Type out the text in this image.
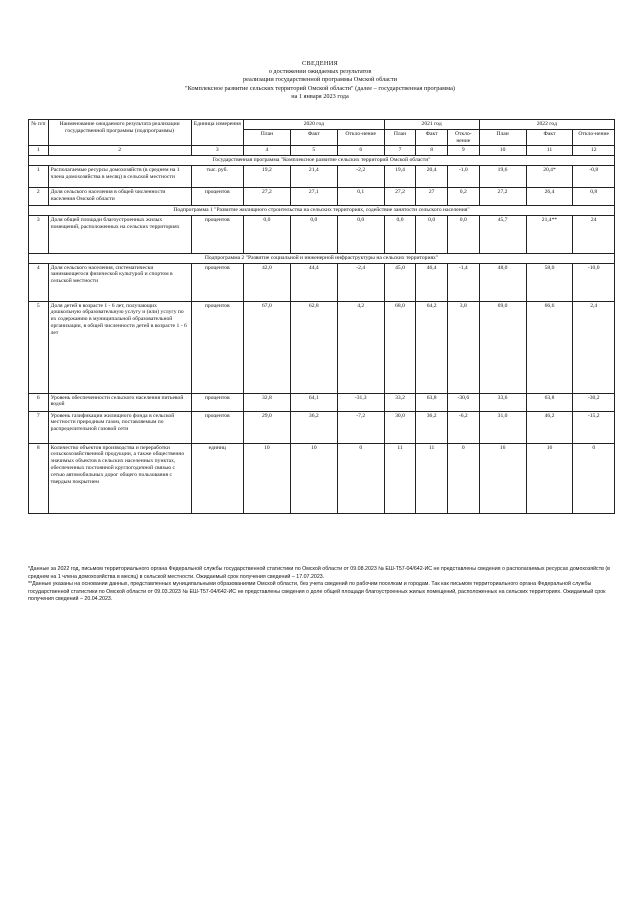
СВЕДЕНИЯ
о достижении ожидаемых результатов
реализации государственной программы Омской области
"Комплексное развитие сельских территорий Омской области" (далее – государственная программа)
на 1 января 2023 года
№ п/п	Наименование ожидаемого результата реализации государственной программы (подпрограммы)	Единица измерения	2020 год			2021 год			2022 год		
			План	Факт	Откло-нение	План	Факт	Откло-нение	План	Факт	Откло-нение
1	2	3	4	5	6	7	8	9	10	11	12
Государственная программа "Комплексное развитие сельских территорий Омской области"											
1	Располагаемые ресурсы домохозяйств (в среднем на 1 члена домохозяйства в месяц) в сельской местности	тыс. руб.	19,2	21,4	-2,2	19,4	20,4	-1,0	19,6	20,4*	-0,8
2	Доля сельского населения в общей численности населения Омской области	процентов	27,2	27,1	0,1	27,2	27	0,2	27,2	26,4	0,8
Подпрограмма 1 "Развитие жилищного строительства на сельских территориях, содействие занятости сельского населения"											
3	Доля общей площади благоустроенных жилых помещений, расположенных на сельских территориях	процентов	0,0	0,0	0,0	0,0	0,0	0,0	45,7	21,4**	24
Подпрограмма 2 "Развитие социальной и инженерной инфраструктуры на сельских территориях"											
4	Доля сельского населения, систематически занимающегося физической культурой и спортом в сельской местности	процентов	42,0	44,4	-2,4	45,0	46,4	-1,4	48,0	58,0	-10,0
5	Доля детей в возрасте 1 - 6 лет, получающих дошкольную образовательную услугу и (или) услугу по их содержанию в муниципальной образовательной организации, в общей численности детей в возрасте 1 - 6 лет	процентов	67,0	62,8	4,2	68,0	64,2	3,8	69,0	66,6	2,4
6	Уровень обеспеченности сельского населения питьевой водой	процентов	32,8	64,1	-31,3	33,2	63,8	-30,6	33,6	63,8	-30,2
7	Уровень газификации жилищного фонда в сельской местности природным газом, поставляемым по распределительной газовой сети	процентов	29,0	36,2	-7,2	30,0	36,2	-6,2	31,0	46,2	-15,2
8	Количество объектов производства и переработки сельскохозяйственной продукции, а также общественно значимых объектов в сельских населенных пунктах, обеспеченных постоянной круглогодичной связью с сетью автомобильных дорог общего пользования с твердым покрытием	единиц	10	10	0	11	11	0	16	16	0

*Данные за 2022 год, письмом территориального органа Федеральной службы государственной статистики по Омской области от 09.08.2023 № ЕШ-Т57-04/642-ИС не представлены сведения о располагаемых ресурсах домохозяйств (в среднем на 1 члена домохозяйства в месяц) в сельской местности. Ожидаемый срок получения сведений – 17.07.2023.

**Данные указаны на основании данных, представленных муниципальными образованиями Омской области, без учета сведений по рабочим поселкам и городам. Так как письмом территориального органа Федеральной службы государственной статистики по Омской области от 09.03.2023 № ЕШ-Т57-04/642-ИС не представлены сведения о доле общей площади благоустроенных жилых помещений, расположенных на сельских территориях. Ожидаемый срок получения сведений – 20.04.2023.
